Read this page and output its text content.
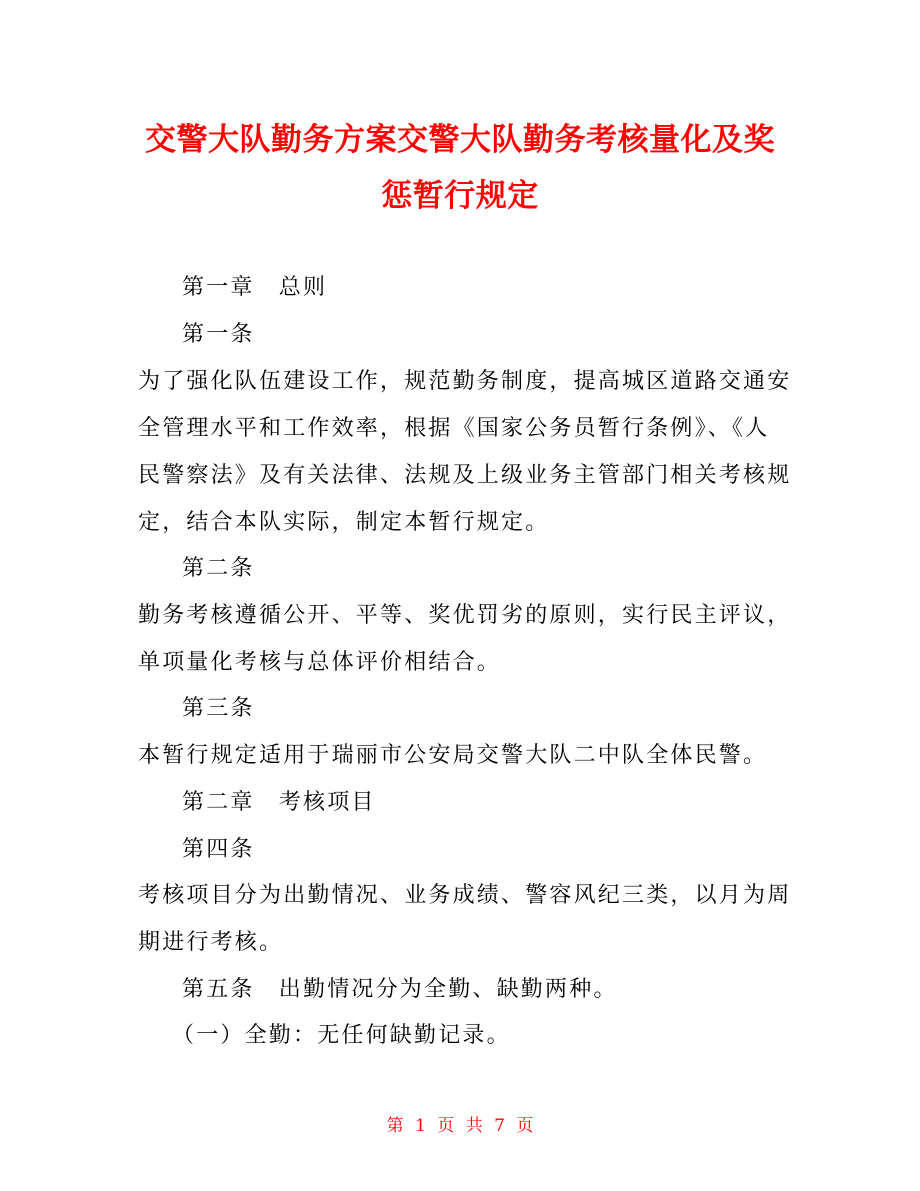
交警大队勤务方案交警大队勤务考核量化及奖
惩暂行规定
第一章　总则
第一条
为了强化队伍建设工作，规范勤务制度，提高城区道路交通安
全管理水平和工作效率，根据《国家公务员暂行条例》、《人
民警察法》及有关法律、法规及上级业务主管部门相关考核规
定，结合本队实际，制定本暂行规定。
第二条
勤务考核遵循公开、平等、奖优罚劣的原则，实行民主评议，
单项量化考核与总体评价相结合。
第三条
本暂行规定适用于瑞丽市公安局交警大队二中队全体民警。
第二章　考核项目
第四条
考核项目分为出勤情况、业务成绩、警容风纪三类，以月为周
期进行考核。
第五条　出勤情况分为全勤、缺勤两种。
（一）全勤：无任何缺勤记录。
第 1 页 共 7 页
